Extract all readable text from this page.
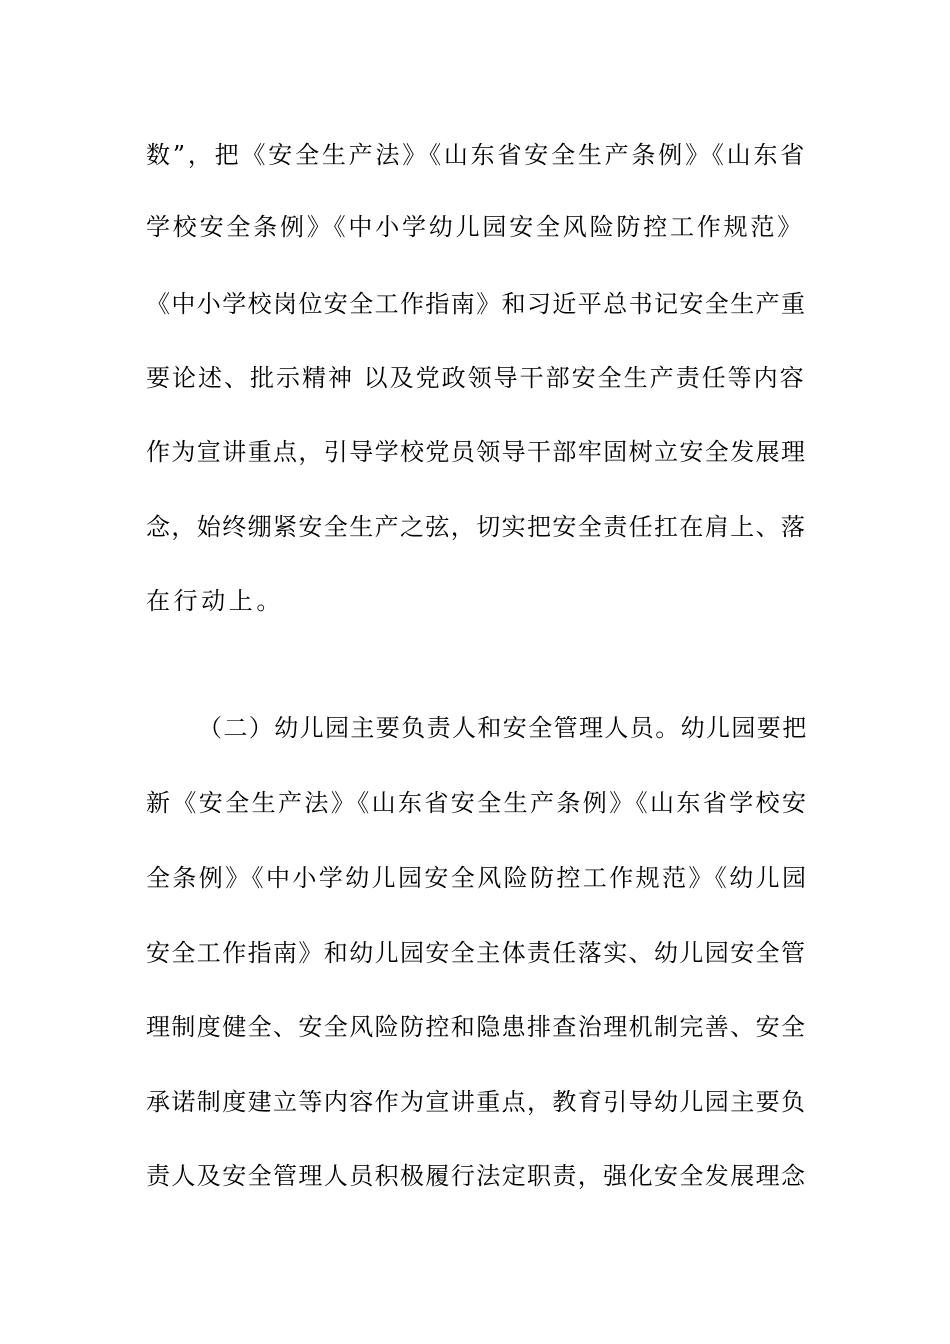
数”，把《安全生产法》《山东省安全生产条例》《山东省
学校安全条例》《中小学幼儿园安全风险防控工作规范》
《中小学校岗位安全工作指南》和习近平总书记安全生产重
要论述、批示精神 以及党政领导干部安全生产责任等内容
作为宣讲重点，引导学校党员领导干部牢固树立安全发展理
念，始终绷紧安全生产之弦，切实把安全责任扛在肩上、落
在行动上。
（二）幼儿园主要负责人和安全管理人员。幼儿园要把
新《安全生产法》《山东省安全生产条例》《山东省学校安
全条例》《中小学幼儿园安全风险防控工作规范》《幼儿园
安全工作指南》和幼儿园安全主体责任落实、幼儿园安全管
理制度健全、安全风险防控和隐患排查治理机制完善、安全
承诺制度建立等内容作为宣讲重点，教育引导幼儿园主要负
责人及安全管理人员积极履行法定职责，强化安全发展理念
